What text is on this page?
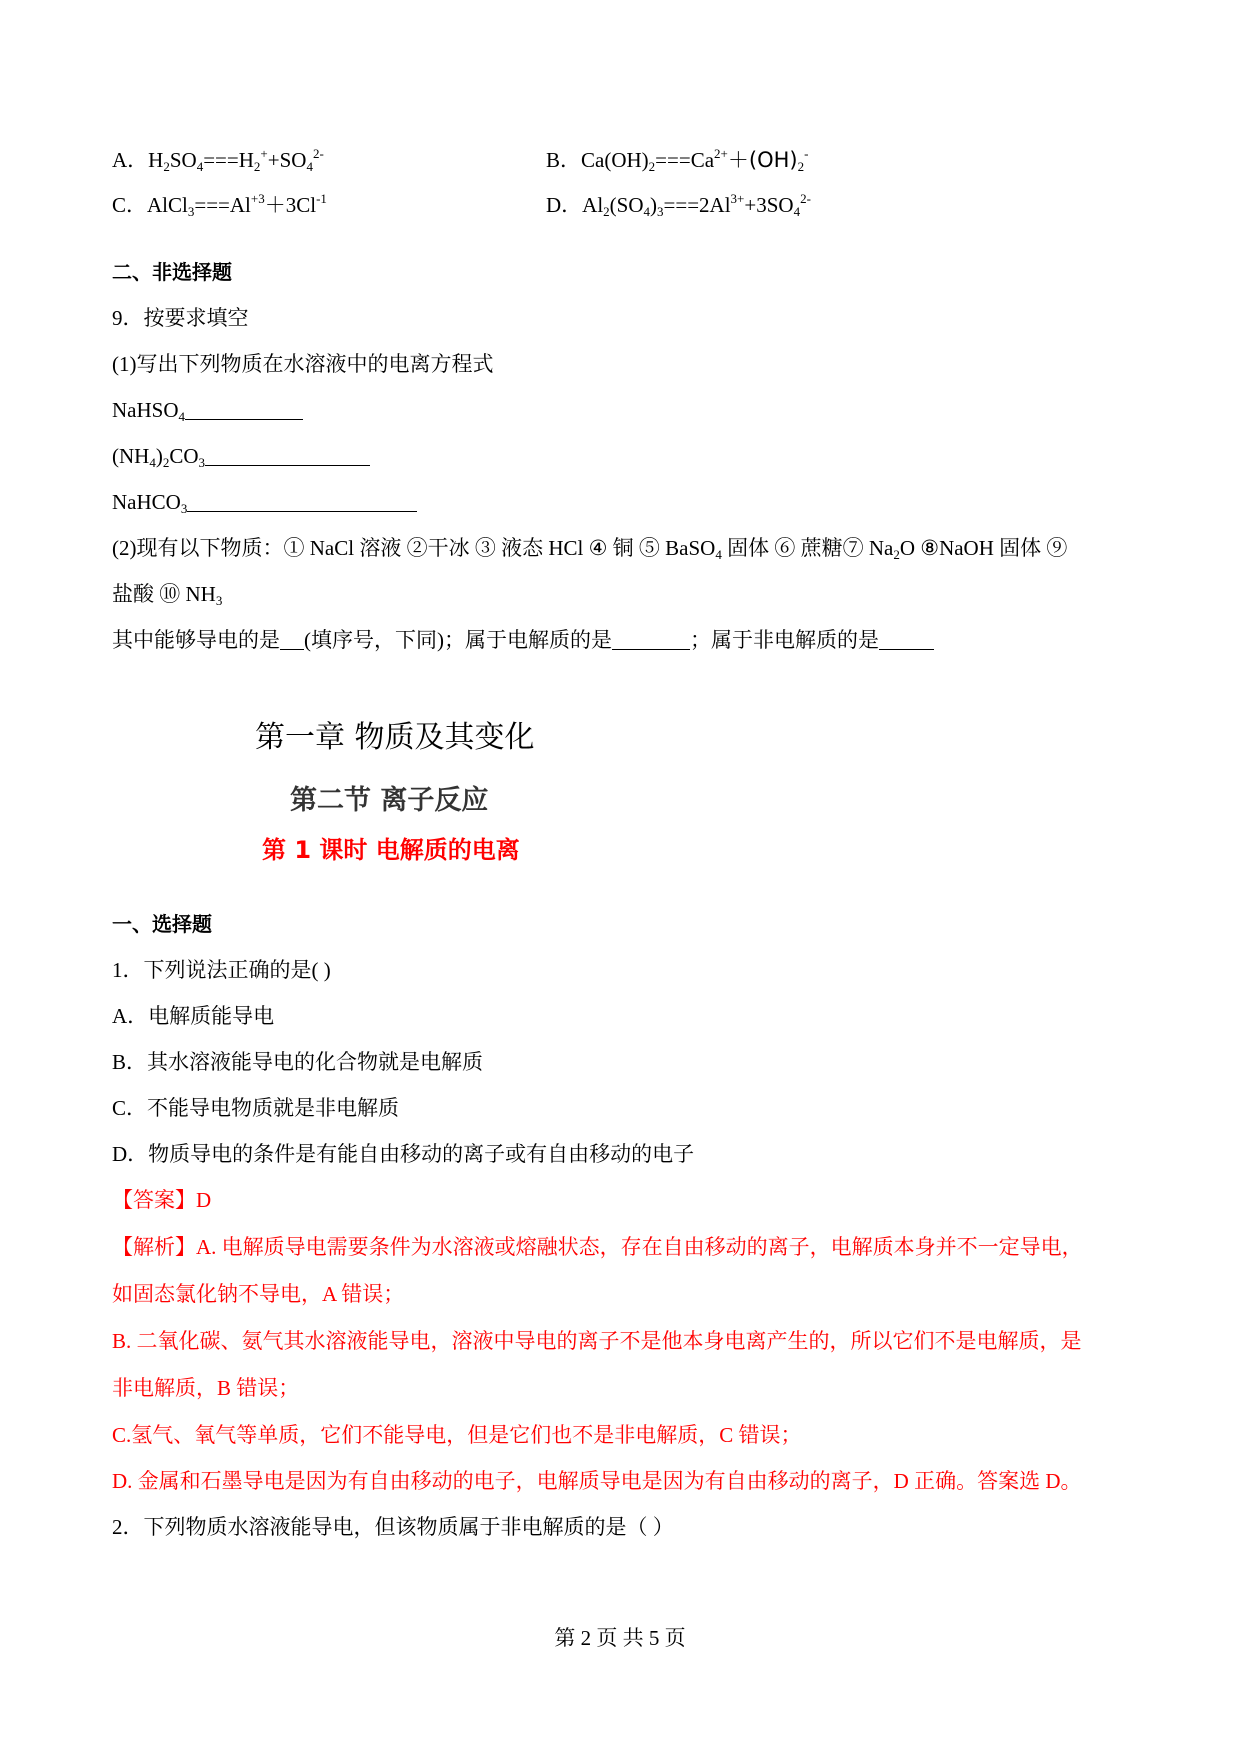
A．$H_2SO_4===H_2^++SO_4^{2-}$	B．$Ca(OH)_2===Ca^{2+}+(OH)_2^-$
C．$AlCl_3===Al^{+3}+3Cl^{-1}$	D．$Al_2(SO_4)_3===2Al^{3+}+3SO_4^{2-}$
二、非选择题
9．按要求填空
(1)写出下列物质在水溶液中的电离方程式
NaHSO$_4$
$(NH_4)_2CO_3$
NaHCO$_3$
(2)现有以下物质：① NaCl 溶液 ②干冰 ③ 液态 HCl ④ 铜 ⑤ BaSO$_4$ 固体 ⑥ 蔗糖⑦ $Na_2O$ ⑧NaOH 固体 ⑨
盐酸 ⑩ $NH_3$
其中能够导电的是 (填序号，下同)；属于电解质的是	；属于非电解质的是
第一章 物质及其变化
第二节 离子反应
第 1 课时 电解质的电离
一、选择题
1．下列说法正确的是( )
A．电解质能导电
B．其水溶液能导电的化合物就是电解质
C．不能导电物质就是非电解质
D．物质导电的条件是有能自由移动的离子或有自由移动的电子
【答案】D
【解析】A. 电解质导电需要条件为水溶液或熔融状态，存在自由移动的离子，电解质本身并不一定导电，
如固态氯化钠不导电，A 错误；
B. 二氧化碳、氨气其水溶液能导电，溶液中导电的离子不是他本身电离产生的，所以它们不是电解质，是
非电解质，B 错误；
C.氢气、氧气等单质，它们不能导电，但是它们也不是非电解质，C 错误；
D. 金属和石墨导电是因为有自由移动的电子，电解质导电是因为有自由移动的离子，D 正确。答案选 D。
2．下列物质水溶液能导电，但该物质属于非电解质的是（ ）
第 2 页 共 5 页
